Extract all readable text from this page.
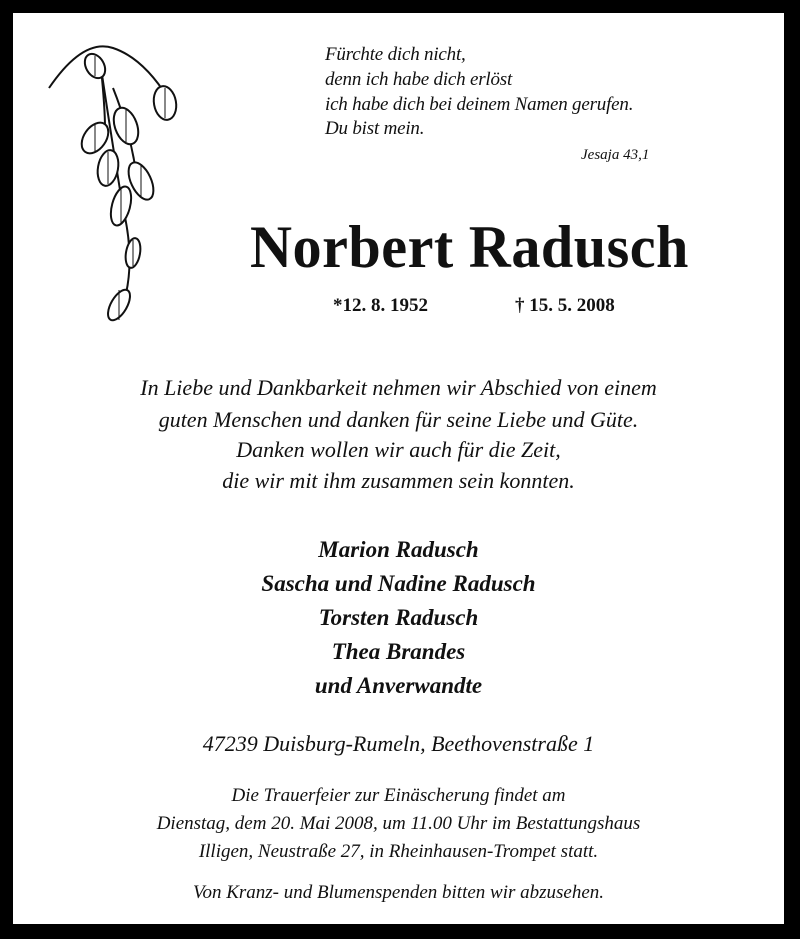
Fürchte dich nicht,
denn ich habe dich erlöst
ich habe dich bei deinem Namen gerufen.
Du bist mein.
Jesaja 43,1
Norbert Radusch
*12. 8. 1952	† 15. 5. 2008
In Liebe und Dankbarkeit nehmen wir Abschied von einem
guten Menschen und danken für seine Liebe und Güte.
Danken wollen wir auch für die Zeit,
die wir mit ihm zusammen sein konnten.
Marion Radusch
Sascha und Nadine Radusch
Torsten Radusch
Thea Brandes
und Anverwandte
47239 Duisburg-Rumeln, Beethovenstraße 1
Die Trauerfeier zur Einäscherung findet am
Dienstag, dem 20. Mai 2008, um 11.00 Uhr im Bestattungshaus
Illigen, Neustraße 27, in Rheinhausen-Trompet statt.
Von Kranz- und Blumenspenden bitten wir abzusehen.
